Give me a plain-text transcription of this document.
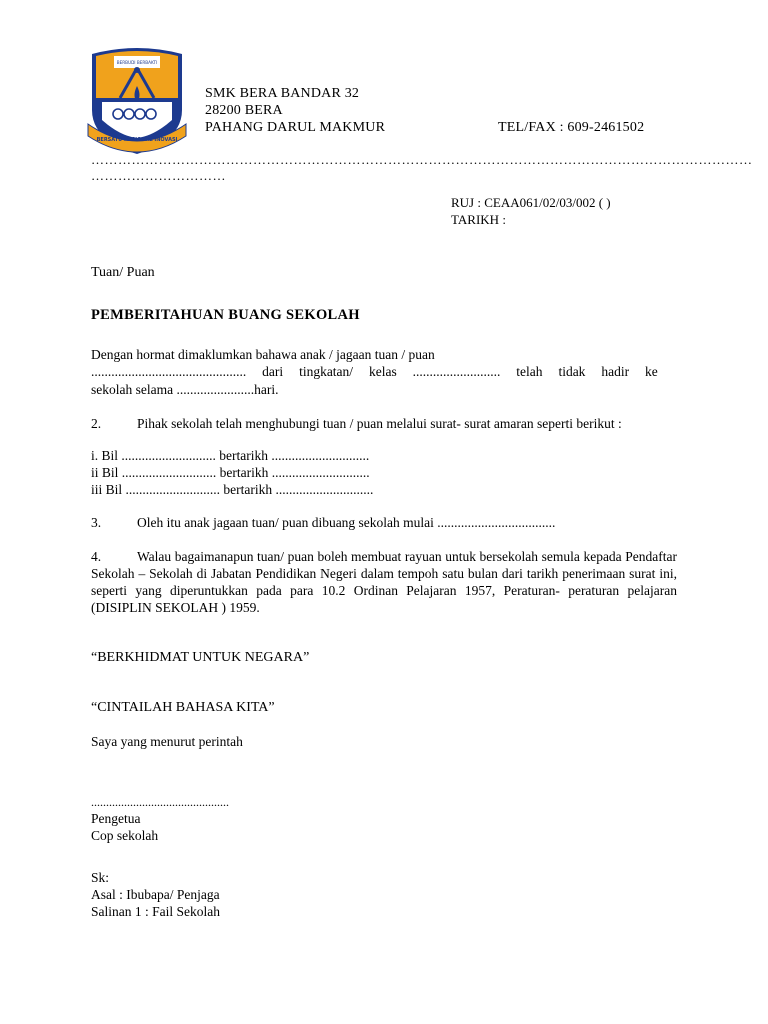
BERBUDI BERBAKTI
BERSATU RASIONAL INOVASI
SMK BERA BANDAR 32
28200 BERA
PAHANG DARUL MAKMUR	TEL/FAX : 609-2461502
…………………………………………………………………………………………………………………………………
…………………………
RUJ : CEAA061/02/03/002 ( )
TARIKH :
Tuan/ Puan
PEMBERITAHUAN BUANG SEKOLAH
Dengan hormat dimaklumkan bahawa anak / jagaan tuan / puan
.............................................. dari tingkatan/ kelas .......................... telah tidak hadir ke
sekolah selama .......................hari.
2.	Pihak sekolah telah menghubungi tuan / puan melalui surat- surat amaran seperti berikut :
i. Bil ............................ bertarikh .............................
ii Bil ............................ bertarikh .............................
iii Bil ............................ bertarikh .............................
3.	Oleh itu anak jagaan tuan/ puan dibuang sekolah mulai ...................................
4.	Walau bagaimanapun tuan/ puan boleh membuat rayuan untuk bersekolah semula kepada Pendaftar Sekolah – Sekolah di Jabatan Pendidikan Negeri dalam tempoh satu bulan dari tarikh penerimaan surat ini, seperti yang diperuntukkan pada para 10.2 Ordinan Pelajaran 1957, Peraturan- peraturan pelajaran (DISIPLIN SEKOLAH ) 1959.
“BERKHIDMAT UNTUK NEGARA”
“CINTAILAH BAHASA KITA”
Saya yang menurut perintah
..............................................
Pengetua
Cop sekolah
Sk:
Asal : Ibubapa/ Penjaga
Salinan 1 : Fail Sekolah
